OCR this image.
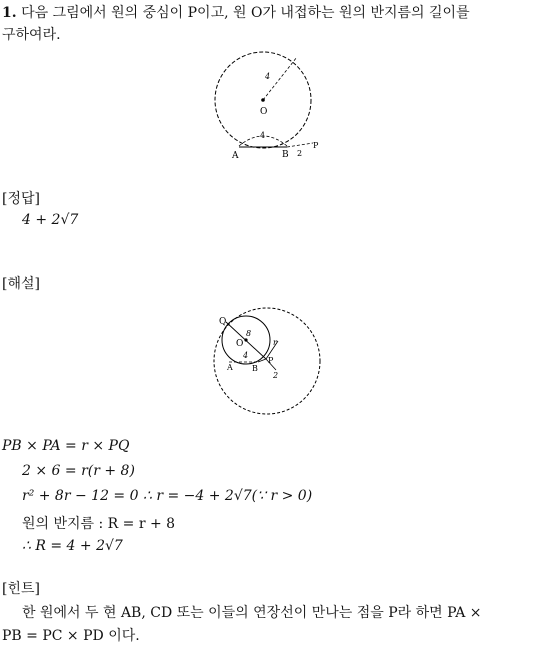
1. 다음 그림에서 원의 중심이 P이고, 원 O가 내접하는 원의 반지름의 길이를
구하여라.
O
A	B
P
4
4
2
[정답]
4 + 2√7
[해설]
Q
O
8
4
A B
P
r
2
PB × PA = r × PQ
2 × 6 = r(r + 8)
r² + 8r − 12 = 0 ∴ r = −4 + 2√7(∵ r > 0)
원의 반지름 : R = r + 8
∴ R = 4 + 2√7
[힌트]
한 원에서 두 현 AB, CD 또는 이들의 연장선이 만나는 점을 P라 하면 PA ×
PB = PC × PD 이다.
